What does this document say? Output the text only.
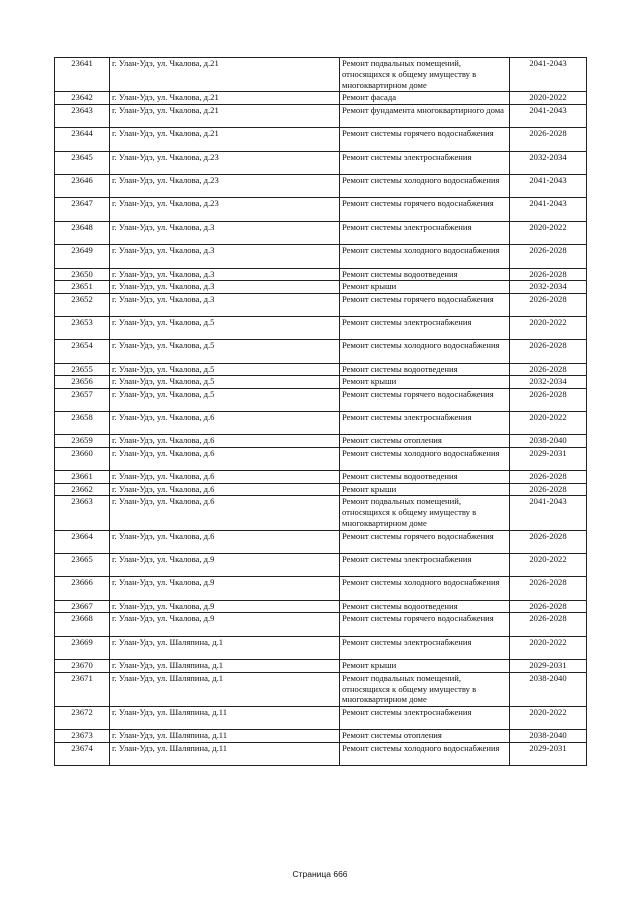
23641	г. Улан-Удэ, ул. Чкалова, д.21	Ремонт подвальных помещений, относящихся к общему имуществу в многоквартирном доме	2041-2043
23642	г. Улан-Удэ, ул. Чкалова, д.21	Ремонт фасада	2020-2022
23643	г. Улан-Удэ, ул. Чкалова, д.21	Ремонт фундамента многоквартирного дома	2041-2043
23644	г. Улан-Удэ, ул. Чкалова, д.21	Ремонт системы горячего водоснабжения	2026-2028
23645	г. Улан-Удэ, ул. Чкалова, д.23	Ремонт системы электроснабжения	2032-2034
23646	г. Улан-Удэ, ул. Чкалова, д.23	Ремонт системы холодного водоснабжения	2041-2043
23647	г. Улан-Удэ, ул. Чкалова, д.23	Ремонт системы горячего водоснабжения	2041-2043
23648	г. Улан-Удэ, ул. Чкалова, д.3	Ремонт системы электроснабжения	2020-2022
23649	г. Улан-Удэ, ул. Чкалова, д.3	Ремонт системы холодного водоснабжения	2026-2028
23650	г. Улан-Удэ, ул. Чкалова, д.3	Ремонт системы водоотведения	2026-2028
23651	г. Улан-Удэ, ул. Чкалова, д.3	Ремонт крыши	2032-2034
23652	г. Улан-Удэ, ул. Чкалова, д.3	Ремонт системы горячего водоснабжения	2026-2028
23653	г. Улан-Удэ, ул. Чкалова, д.5	Ремонт системы электроснабжения	2020-2022
23654	г. Улан-Удэ, ул. Чкалова, д.5	Ремонт системы холодного водоснабжения	2026-2028
23655	г. Улан-Удэ, ул. Чкалова, д.5	Ремонт системы водоотведения	2026-2028
23656	г. Улан-Удэ, ул. Чкалова, д.5	Ремонт крыши	2032-2034
23657	г. Улан-Удэ, ул. Чкалова, д.5	Ремонт системы горячего водоснабжения	2026-2028
23658	г. Улан-Удэ, ул. Чкалова, д.6	Ремонт системы электроснабжения	2020-2022
23659	г. Улан-Удэ, ул. Чкалова, д.6	Ремонт системы отопления	2038-2040
23660	г. Улан-Удэ, ул. Чкалова, д.6	Ремонт системы холодного водоснабжения	2029-2031
23661	г. Улан-Удэ, ул. Чкалова, д.6	Ремонт системы водоотведения	2026-2028
23662	г. Улан-Удэ, ул. Чкалова, д.6	Ремонт крыши	2026-2028
23663	г. Улан-Удэ, ул. Чкалова, д.6	Ремонт подвальных помещений, относящихся к общему имуществу в многоквартирном доме	2041-2043
23664	г. Улан-Удэ, ул. Чкалова, д.6	Ремонт системы горячего водоснабжения	2026-2028
23665	г. Улан-Удэ, ул. Чкалова, д.9	Ремонт системы электроснабжения	2020-2022
23666	г. Улан-Удэ, ул. Чкалова, д.9	Ремонт системы холодного водоснабжения	2026-2028
23667	г. Улан-Удэ, ул. Чкалова, д.9	Ремонт системы водоотведения	2026-2028
23668	г. Улан-Удэ, ул. Чкалова, д.9	Ремонт системы горячего водоснабжения	2026-2028
23669	г. Улан-Удэ, ул. Шаляпина, д.1	Ремонт системы электроснабжения	2020-2022
23670	г. Улан-Удэ, ул. Шаляпина, д.1	Ремонт крыши	2029-2031
23671	г. Улан-Удэ, ул. Шаляпина, д.1	Ремонт подвальных помещений, относящихся к общему имуществу в многоквартирном доме	2038-2040
23672	г. Улан-Удэ, ул. Шаляпина, д.11	Ремонт системы электроснабжения	2020-2022
23673	г. Улан-Удэ, ул. Шаляпина, д.11	Ремонт системы отопления	2038-2040
23674	г. Улан-Удэ, ул. Шаляпина, д.11	Ремонт системы холодного водоснабжения	2029-2031
Страница 666
